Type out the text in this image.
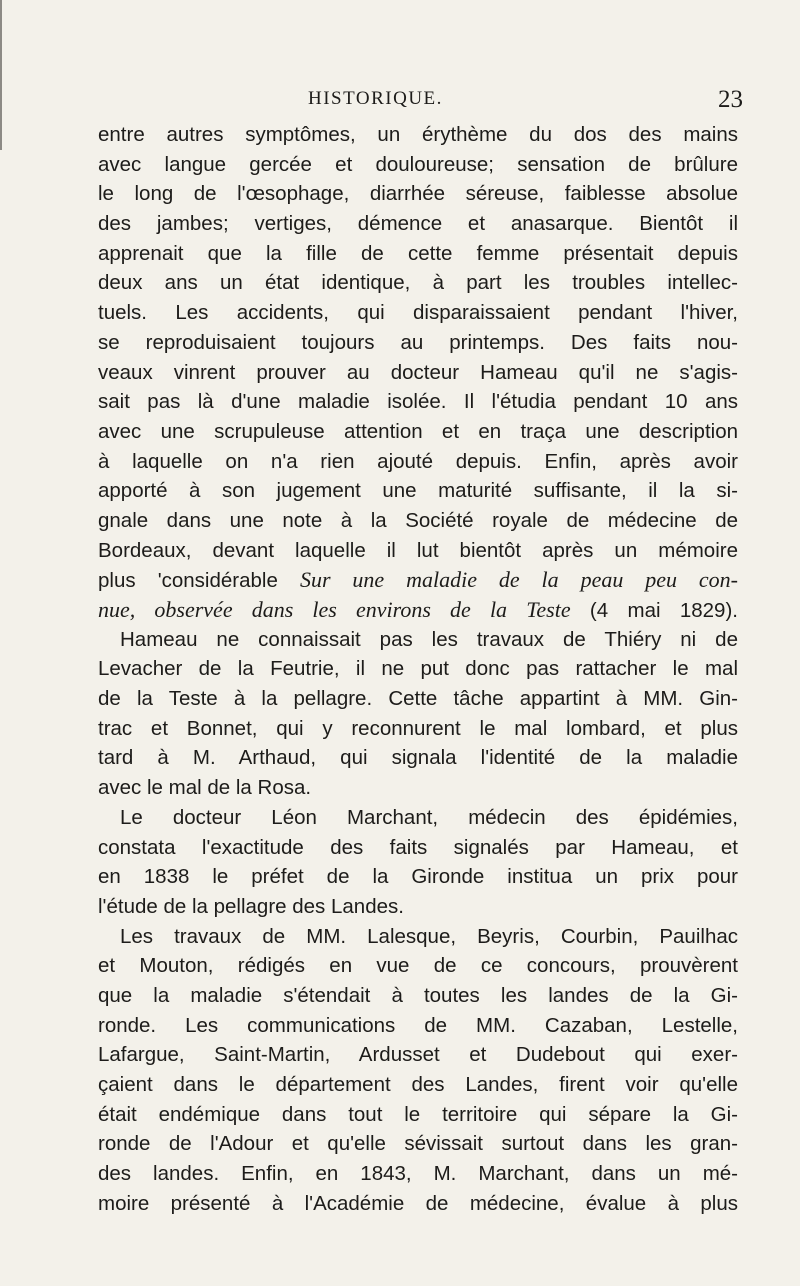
HISTORIQUE.	23
entre autres symptômes, un érythème du dos des mains
avec langue gercée et douloureuse; sensation de brûlure
le long de l'œsophage, diarrhée séreuse, faiblesse absolue
des jambes; vertiges, démence et anasarque. Bientôt il
apprenait que la fille de cette femme présentait depuis
deux ans un état identique, à part les troubles intellec-
tuels. Les accidents, qui disparaissaient pendant l'hiver,
se reproduisaient toujours au printemps. Des faits nou-
veaux vinrent prouver au docteur Hameau qu'il ne s'agis-
sait pas là d'une maladie isolée. Il l'étudia pendant 10 ans
avec une scrupuleuse attention et en traça une description
à laquelle on n'a rien ajouté depuis. Enfin, après avoir
apporté à son jugement une maturité suffisante, il la si-
gnale dans une note à la Société royale de médecine de
Bordeaux, devant laquelle il lut bientôt après un mémoire
plus 'considérable Sur une maladie de la peau peu con-
nue, observée dans les environs de la Teste (4 mai 1829).
Hameau ne connaissait pas les travaux de Thiéry ni de
Levacher de la Feutrie, il ne put donc pas rattacher le mal
de la Teste à la pellagre. Cette tâche appartint à MM. Gin-
trac et Bonnet, qui y reconnurent le mal lombard, et plus
tard à M. Arthaud, qui signala l'identité de la maladie
avec le mal de la Rosa.
Le docteur Léon Marchant, médecin des épidémies,
constata l'exactitude des faits signalés par Hameau, et
en 1838 le préfet de la Gironde institua un prix pour
l'étude de la pellagre des Landes.
Les travaux de MM. Lalesque, Beyris, Courbin, Pauilhac
et Mouton, rédigés en vue de ce concours, prouvèrent
que la maladie s'étendait à toutes les landes de la Gi-
ronde. Les communications de MM. Cazaban, Lestelle,
Lafargue, Saint-Martin, Ardusset et Dudebout qui exer-
çaient dans le département des Landes, firent voir qu'elle
était endémique dans tout le territoire qui sépare la Gi-
ronde de l'Adour et qu'elle sévissait surtout dans les gran-
des landes. Enfin, en 1843, M. Marchant, dans un mé-
moire présenté à l'Académie de médecine, évalue à plus
